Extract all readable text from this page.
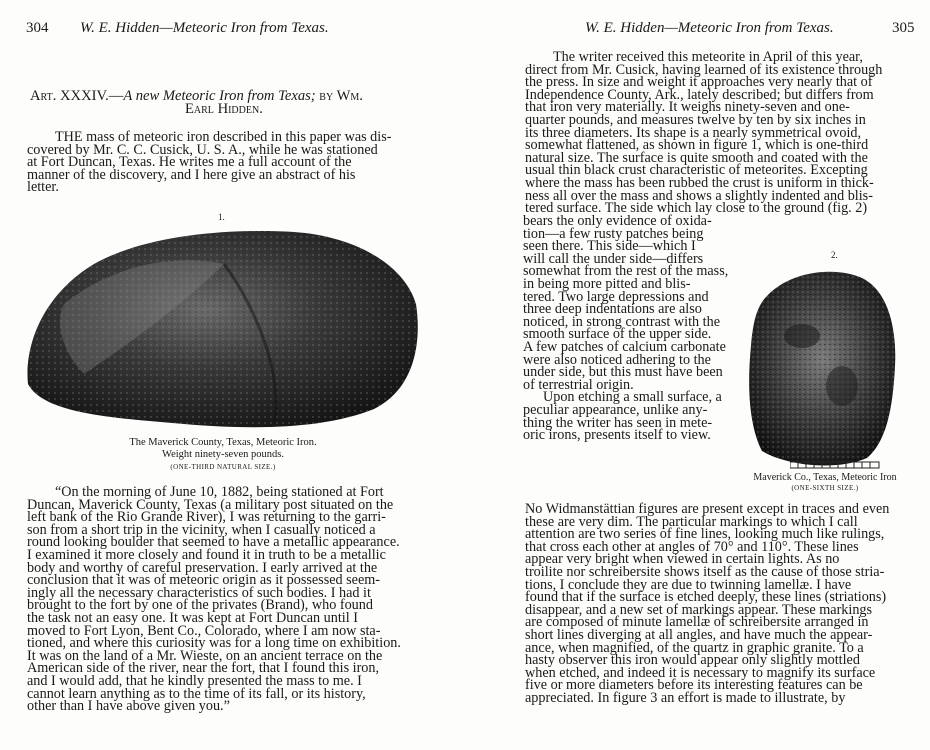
304 W. E. Hidden—Meteoric Iron from Texas.
Art. XXXIV.—A new Meteoric Iron from Texas; by Wm.
Earl Hidden.
THE mass of meteoric iron described in this paper was dis-
covered by Mr. C. C. Cusick, U. S. A., while he was stationed
at Fort Duncan, Texas. He writes me a full account of the
manner of the discovery, and I here give an abstract of his
letter.
1.
The Maverick County, Texas, Meteoric Iron.
Weight ninety-seven pounds.
(ONE-THIRD NATURAL SIZE.)
“On the morning of June 10, 1882, being stationed at Fort
Duncan, Maverick County, Texas (a military post situated on the
left bank of the Rio Grande River), I was returning to the garri-
son from a short trip in the vicinity, when I casually noticed a
round looking boulder that seemed to have a metallic appearance.
I examined it more closely and found it in truth to be a metallic
body and worthy of careful preservation. I early arrived at the
conclusion that it was of meteoric origin as it possessed seem-
ingly all the necessary characteristics of such bodies. I had it
brought to the fort by one of the privates (Brand), who found
the task not an easy one. It was kept at Fort Duncan until I
moved to Fort Lyon, Bent Co., Colorado, where I am now sta-
tioned, and where this curiosity was for a long time on exhibition.
It was on the land of a Mr. Wieste, on an ancient terrace on the
American side of the river, near the fort, that I found this iron,
and I would add, that he kindly presented the mass to me. I
cannot learn anything as to the time of its fall, or its history,
other than I have above given you.”
W. E. Hidden—Meteoric Iron from Texas.	305
The writer received this meteorite in April of this year,
direct from Mr. Cusick, having learned of its existence through
the press. In size and weight it approaches very nearly that of
Independence County, Ark., lately described; but differs from
that iron very materially. It weighs ninety-seven and one-
quarter pounds, and measures twelve by ten by six inches in
its three diameters. Its shape is a nearly symmetrical ovoid,
somewhat flattened, as shown in figure 1, which is one-third
natural size. The surface is quite smooth and coated with the
usual thin black crust characteristic of meteorites. Excepting
where the mass has been rubbed the crust is uniform in thick-
ness all over the mass and shows a slightly indented and blis-
tered surface. The side which lay close to the ground (fig. 2)
bears the only evidence of oxida-
tion—a few rusty patches being
seen there. This side—which I
will call the under side—differs
somewhat from the rest of the mass,
in being more pitted and blis-
tered. Two large depressions and
three deep indentations are also
noticed, in strong contrast with the
smooth surface of the upper side.
A few patches of calcium carbonate
were also noticed adhering to the
under side, but this must have been
of terrestrial origin.
Upon etching a small surface, a
peculiar appearance, unlike any-
thing the writer has seen in mete-
oric irons, presents itself to view.
2.
Maverick Co., Texas, Meteoric Iron
(ONE-SIXTH SIZE.)
No Widmanstättian figures are present except in traces and even
these are very dim. The particular markings to which I call
attention are two series of fine lines, looking much like rulings,
that cross each other at angles of 70° and 110°. These lines
appear very bright when viewed in certain lights. As no
troilite nor schreibersite shows itself as the cause of those stria-
tions, I conclude they are due to twinning lamellæ. I have
found that if the surface is etched deeply, these lines (striations)
disappear, and a new set of markings appear. These markings
are composed of minute lamellæ of schreibersite arranged in
short lines diverging at all angles, and have much the appear-
ance, when magnified, of the quartz in graphic granite. To a
hasty observer this iron would appear only slightly mottled
when etched, and indeed it is necessary to magnify its surface
five or more diameters before its interesting features can be
appreciated. In figure 3 an effort is made to illustrate, by
